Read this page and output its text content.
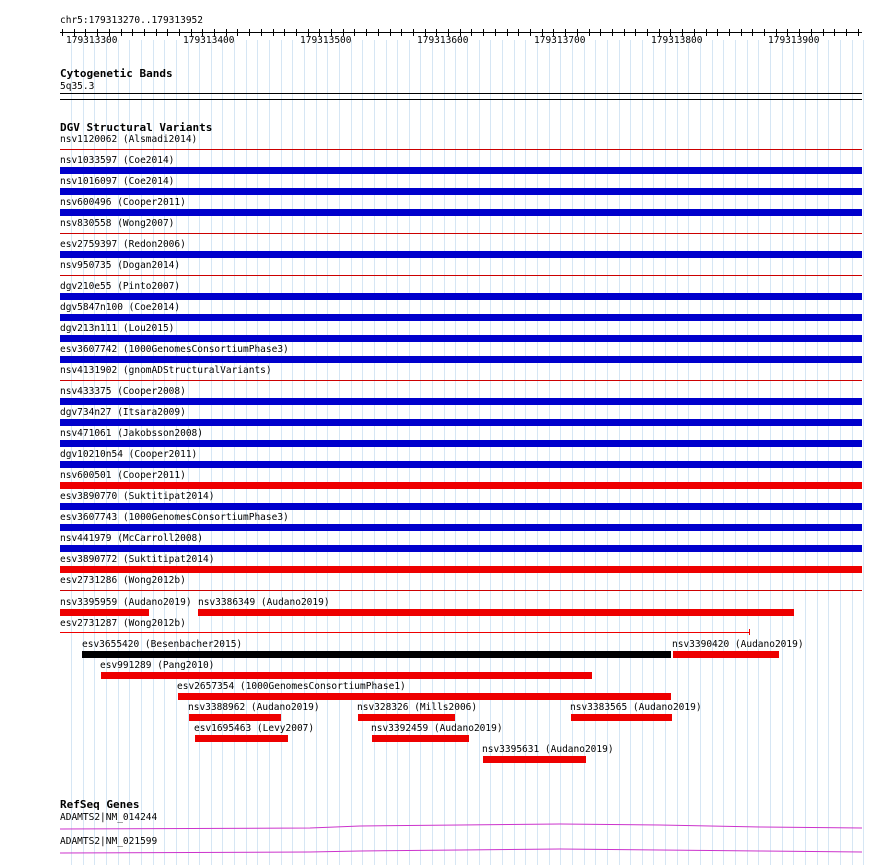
chr5:179313270..179313952
179313300	179313400	179313500	179313600	179313700	179313800	179313900
Cytogenetic Bands
5q35.3
DGV Structural Variants
nsv1120062 (Alsmadi2014)
nsv1033597 (Coe2014)
nsv1016097 (Coe2014)
nsv600496 (Cooper2011)
nsv830558 (Wong2007)
esv2759397 (Redon2006)
nsv950735 (Dogan2014)
dgv210e55 (Pinto2007)
dgv5847n100 (Coe2014)
dgv213n111 (Lou2015)
esv3607742 (1000GenomesConsortiumPhase3)
nsv4131902 (gnomADStructuralVariants)
nsv433375 (Cooper2008)
dgv734n27 (Itsara2009)
nsv471061 (Jakobsson2008)
dgv10210n54 (Cooper2011)
nsv600501 (Cooper2011)
esv3890770 (Suktitipat2014)
esv3607743 (1000GenomesConsortiumPhase3)
nsv441979 (McCarroll2008)
esv3890772 (Suktitipat2014)
esv2731286 (Wong2012b)
nsv3395959 (Audano2019) nsv3386349 (Audano2019)
esv2731287 (Wong2012b)
esv3655420 (Besenbacher2015)	nsv3390420 (Audano2019)
esv991289 (Pang2010)
esv2657354 (1000GenomesConsortiumPhase1)
nsv3388962 (Audano2019)	nsv328326 (Mills2006)	nsv3383565 (Audano2019)
esv1695463 (Levy2007)	nsv3392459 (Audano2019)
nsv3395631 (Audano2019)
RefSeq Genes
ADAMTS2|NM_014244
ADAMTS2|NM_021599
